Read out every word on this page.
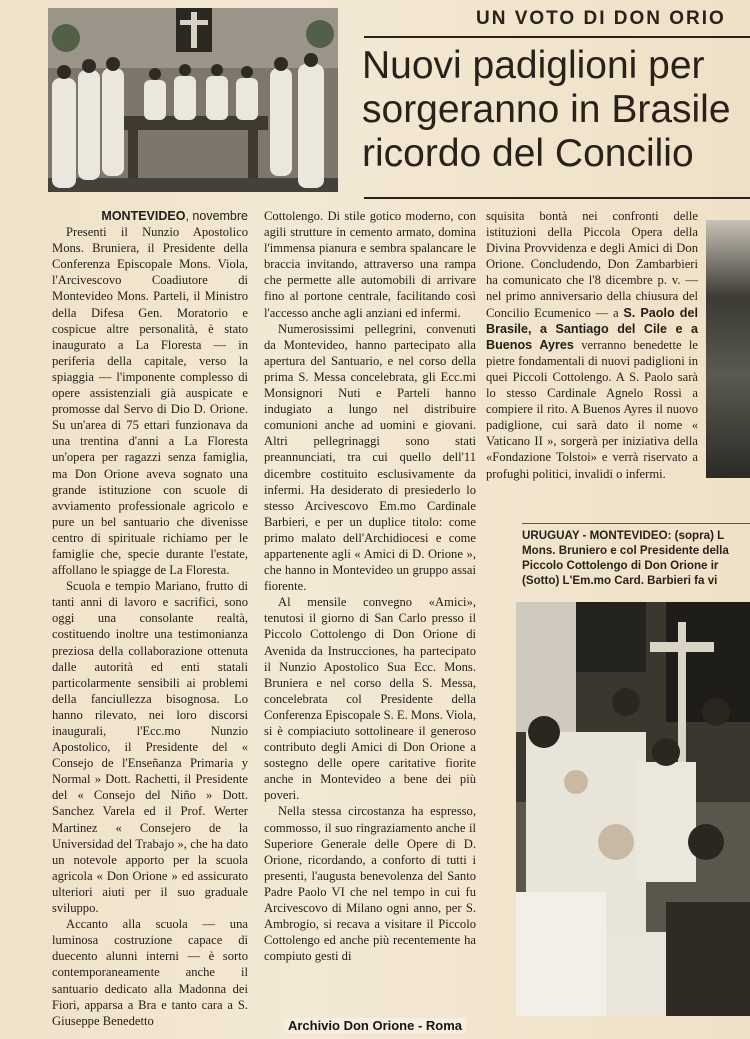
UN VOTO DI DON ORIO
Nuovi padiglioni per
sorgeranno in Brasile
ricordo del Concilio

MONTEVIDEO, novembre

Presenti il Nunzio Apostolico Mons. Bruniera, il Presidente della Conferenza Episcopale Mons. Viola, l'Arcivescovo Coadiutore di Montevideo Mons. Parteli, il Ministro della Difesa Gen. Moratorio e cospicue altre personalità, è stato inaugurato a La Floresta — in periferia della capitale, verso la spiaggia — l'imponente complesso di opere assistenziali già auspicate e promosse dal Servo di Dio D. Orione. Su un'area di 75 ettari funzionava da una trentina d'anni a La Floresta un'opera per ragazzi senza famiglia, ma Don Orione aveva sognato una grande istituzione con scuole di avviamento professionale agricolo e pure un bel santuario che divenisse centro di spirituale richiamo per le famiglie che, specie durante l'estate, affollano le spiagge de La Floresta.

Scuola e tempio Mariano, frutto di tanti anni di lavoro e sacrifici, sono oggi una consolante realtà, costituendo inoltre una testimonianza preziosa della collaborazione ottenuta dalle autorità ed enti statali particolarmente sensibili ai problemi della fanciullezza bisognosa. Lo hanno rilevato, nei loro discorsi inaugurali, l'Ecc.mo Nunzio Apostolico, il Presidente del « Consejo de l'Enseñanza Primaria y Normal » Dott. Rachetti, il Presidente del « Consejo del Niño » Dott. Sanchez Varela ed il Prof. Werter Martinez « Consejero de la Universidad del Trabajo », che ha dato un notevole apporto per la scuola agricola « Don Orione » ed assicurato ulteriori aiuti per il suo graduale sviluppo.

Accanto alla scuola — una luminosa costruzione capace di duecento alunni interni — è sorto contemporaneamente anche il santuario dedicato alla Madonna dei Fiori, apparsa a Bra e tanto cara a S. Giuseppe Benedetto

Cottolengo. Di stile gotico moderno, con agili strutture in cemento armato, domina l'immensa pianura e sembra spalancare le braccia invitando, attraverso una rampa che permette alle automobili di arrivare fino al portone centrale, facilitando così l'accesso anche agli anziani ed infermi.

Numerosissimi pellegrini, convenuti da Montevideo, hanno partecipato alla apertura del Santuario, e nel corso della prima S. Messa concelebrata, gli Ecc.mi Monsignori Nuti e Parteli hanno indugiato a lungo nel distribuire comunioni anche ad uomini e giovani. Altri pellegrinaggi sono stati preannunciati, tra cui quello dell'11 dicembre costituito esclusivamente da infermi. Ha desiderato di presiederlo lo stesso Arcivescovo Em.mo Cardinale Barbieri, e per un duplice titolo: come primo malato dell'Archidiocesi e come appartenente agli « Amici di D. Orione », che hanno in Montevideo un gruppo assai fiorente.

Al mensile convegno «Amici», tenutosi il giorno di San Carlo presso il Piccolo Cottolengo di Don Orione di Avenida da Instrucciones, ha partecipato il Nunzio Apostolico Sua Ecc. Mons. Bruniera e nel corso della S. Messa, concelebrata col Presidente della Conferenza Episcopale S. E. Mons. Viola, si è compiaciuto sottolineare il generoso contributo degli Amici di Don Orione a sostegno delle opere caritative fiorite anche in Montevideo a bene dei più poveri.

Nella stessa circostanza ha espresso, commosso, il suo ringraziamento anche il Superiore Generale delle Opere di D. Orione, ricordando, a conforto di tutti i presenti, l'augusta benevolenza del Santo Padre Paolo VI che nel tempo in cui fu Arcivescovo di Milano ogni anno, per S. Ambrogio, si recava a visitare il Piccolo Cottolengo ed anche più recentemente ha compiuto gesti di

squisita bontà nei confronti delle istituzioni della Piccola Opera della Divina Provvidenza e degli Amici di Don Orione. Concludendo, Don Zambarbieri ha comunicato che l'8 dicembre p. v. — nel primo anniversario della chiusura del Concilio Ecumenico — a S. Paolo del Brasile, a Santiago del Cile e a Buenos Ayres verranno benedette le pietre fondamentali di nuovi padiglioni in quei Piccoli Cottolengo. A S. Paolo sarà lo stesso Cardinale Agnelo Rossi a compiere il rito. A Buenos Ayres il nuovo padiglione, cui sarà dato il nome « Vaticano II », sorgerà per iniziativa della «Fondazione Tolstoi» e verrà riservato a profughi politici, invalidi o infermi.

URUGUAY - MONTEVIDEO: (sopra) L
Mons. Bruniero e col Presidente della
Piccolo Cottolengo di Don Orione ir
(Sotto) L'Em.mo Card. Barbieri fa vi
Archivio Don Orione - Roma
